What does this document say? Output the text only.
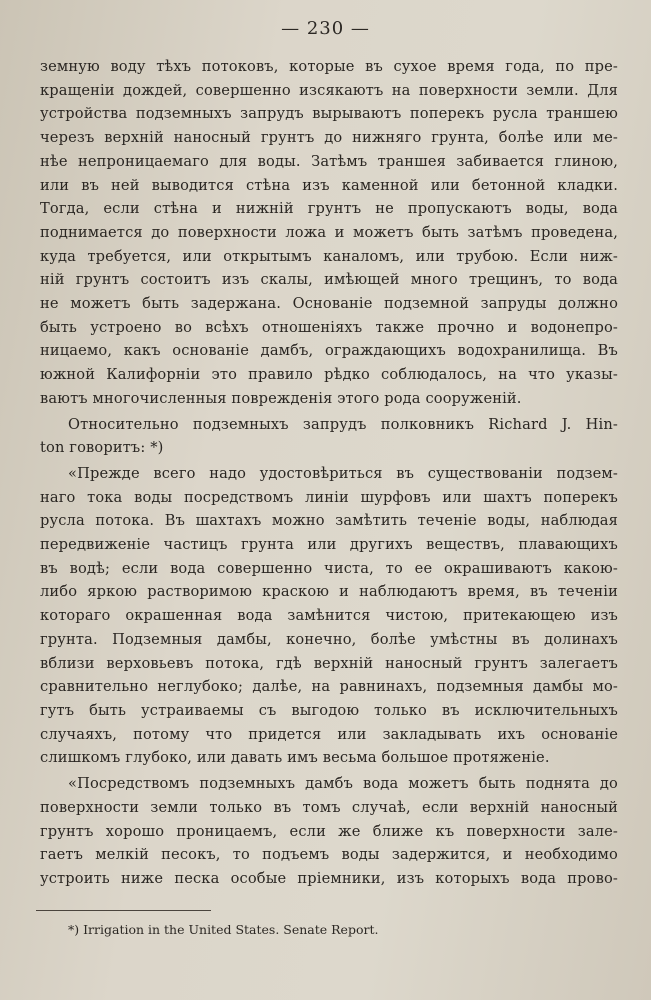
— 230 —
земную воду тѣхъ потоковъ, которые въ сухое время года, по пре-
кращеніи дождей, совершенно изсякаютъ на поверхности земли. Для
устройства подземныхъ запрудъ вырываютъ поперекъ русла траншею
черезъ верхній наносный грунтъ до нижняго грунта, болѣе или ме-
нѣе непроницаемаго для воды. Затѣмъ траншея забивается глиною,
или въ ней выводится стѣна изъ каменной или бетонной кладки.
Тогда, если стѣна и нижній грунтъ не пропускаютъ воды, вода
поднимается до поверхности ложа и можетъ быть затѣмъ проведена,
куда требуется, или открытымъ каналомъ, или трубою. Если ниж-
ній грунтъ состоитъ изъ скалы, имѣющей много трещинъ, то вода
не можетъ быть задержана. Основаніе подземной запруды должно
быть устроено во всѣхъ отношеніяхъ также прочно и водонепро-
ницаемо, какъ основаніе дамбъ, ограждающихъ водохранилища. Въ
южной Калифорніи это правило рѣдко соблюдалось, на что указы-
ваютъ многочисленныя поврежденія этого рода сооруженій.
Относительно подземныхъ запрудъ полковникъ Richard J. Hin-
ton говоритъ: *)
«Прежде всего надо удостовѣриться въ существованіи подзем-
наго тока воды посредствомъ линіи шурфовъ или шахтъ поперекъ
русла потока. Въ шахтахъ можно замѣтить теченіе воды, наблюдая
передвиженіе частицъ грунта или другихъ веществъ, плавающихъ
въ водѣ; если вода совершенно чиста, то ее окрашиваютъ какою-
либо яркою растворимою краскою и наблюдаютъ время, въ теченіи
котораго окрашенная вода замѣнится чистою, притекающею изъ
грунта. Подземныя дамбы, конечно, болѣе умѣстны въ долинахъ
вблизи верховьевъ потока, гдѣ верхній наносный грунтъ залегаетъ
сравнительно неглубоко; далѣе, на равнинахъ, подземныя дамбы мо-
гутъ быть устраиваемы съ выгодою только въ исключительныхъ
случаяхъ, потому что придется или закладывать ихъ основаніе
слишкомъ глубоко, или давать имъ весьма большое протяженіе.
«Посредствомъ подземныхъ дамбъ вода можетъ быть поднята до
поверхности земли только въ томъ случаѣ, если верхній наносный
грунтъ хорошо проницаемъ, если же ближе къ поверхности зале-
гаетъ мелкій песокъ, то подъемъ воды задержится, и необходимо
устроить ниже песка особые пріемники, изъ которыхъ вода прово-
*) Irrigation in the United States. Senate Report.
